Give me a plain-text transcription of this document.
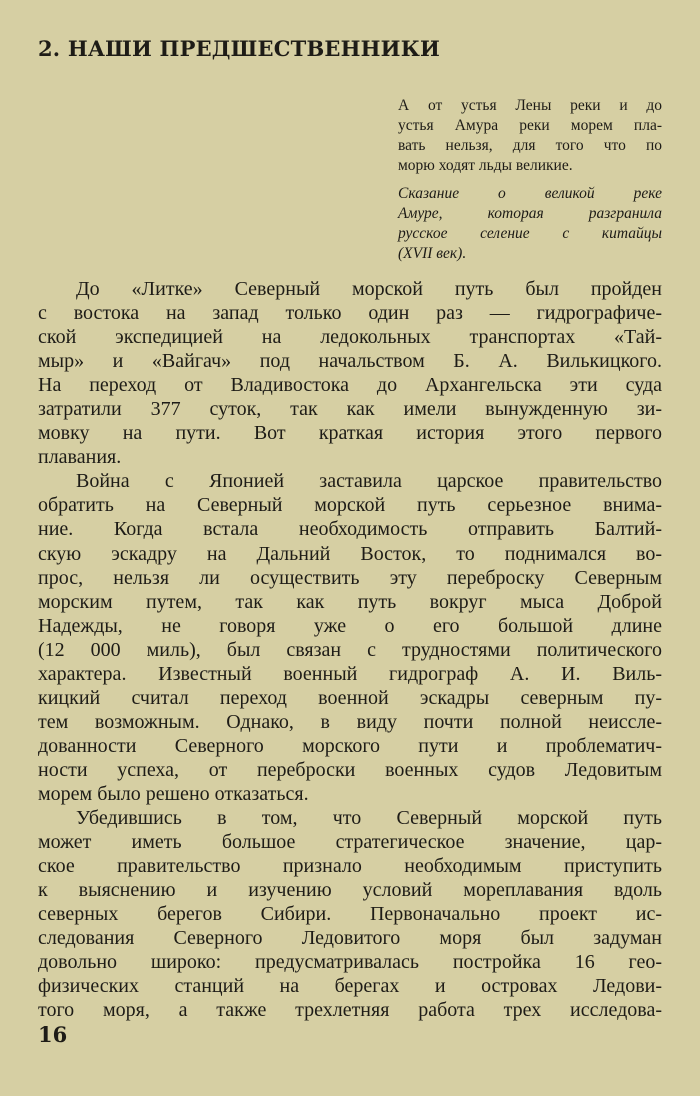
2. НАШИ ПРЕДШЕСТВЕННИКИ
А от устья Лены реки и до
устья Амура реки морем пла-
вать нельзя, для того что по
морю ходят льды великие.
Сказание о великой реке
Амуре, которая разгранила
русское селение с китайцы
(XVII век).
До «Литке» Северный морской путь был пройден
с востока на запад только один раз — гидрографиче-
ской экспедицией на ледокольных транспортах «Тай-
мыр» и «Вайгач» под начальством Б. А. Вилькицкого.
На переход от Владивостока до Архангельска эти суда
затратили 377 суток, так как имели вынужденную зи-
мовку на пути. Вот краткая история этого первого
плавания.
Война с Японией заставила царское правительство
обратить на Северный морской путь серьезное внима-
ние. Когда встала необходимость отправить Балтий-
скую эскадру на Дальний Восток, то поднимался во-
прос, нельзя ли осуществить эту переброску Северным
морским путем, так как путь вокруг мыса Доброй
Надежды, не говоря уже о его большой длине
(12 000 миль), был связан с трудностями политического
характера. Известный военный гидрограф А. И. Виль-
кицкий считал переход военной эскадры северным пу-
тем возможным. Однако, в виду почти полной неиссле-
дованности Северного морского пути и проблематич-
ности успеха, от переброски военных судов Ледовитым
морем было решено отказаться.
Убедившись в том, что Северный морской путь
может иметь большое стратегическое значение, цар-
ское правительство признало необходимым приступить
к выяснению и изучению условий мореплавания вдоль
северных берегов Сибири. Первоначально проект ис-
следования Северного Ледовитого моря был задуман
довольно широко: предусматривалась постройка 16 гео-
физических станций на берегах и островах Ледови-
того моря, а также трехлетняя работа трех исследова-
16
